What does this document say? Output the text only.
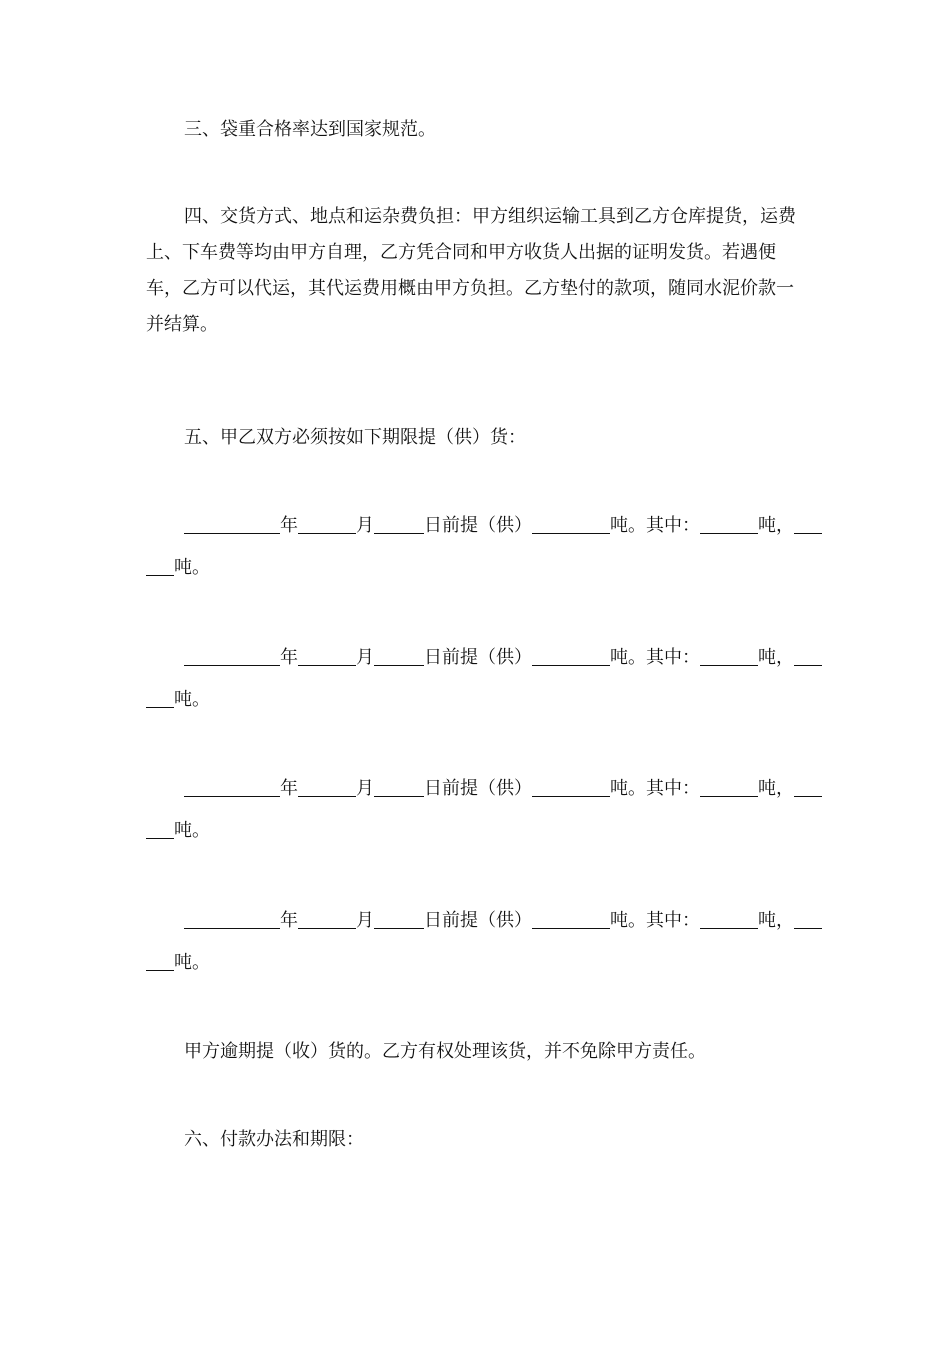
三、袋重合格率达到国家规范。
四、交货方式、地点和运杂费负担：甲方组织运输工具到乙方仓库提货，运费上、下车费等均由甲方自理，乙方凭合同和甲方收货人出据的证明发货。若遇便车，乙方可以代运，其代运费用概由甲方负担。乙方垫付的款项，随同水泥价款一并结算。
五、甲乙双方必须按如下期限提（供）货：
年	月	日前提（供）	吨。其中：	吨，
吨。
年	月	日前提（供）	吨。其中：	吨，
吨。
年	月	日前提（供）	吨。其中：	吨，
吨。
年	月	日前提（供）	吨。其中：	吨，
吨。
甲方逾期提（收）货的。乙方有权处理该货，并不免除甲方责任。
六、付款办法和期限：
